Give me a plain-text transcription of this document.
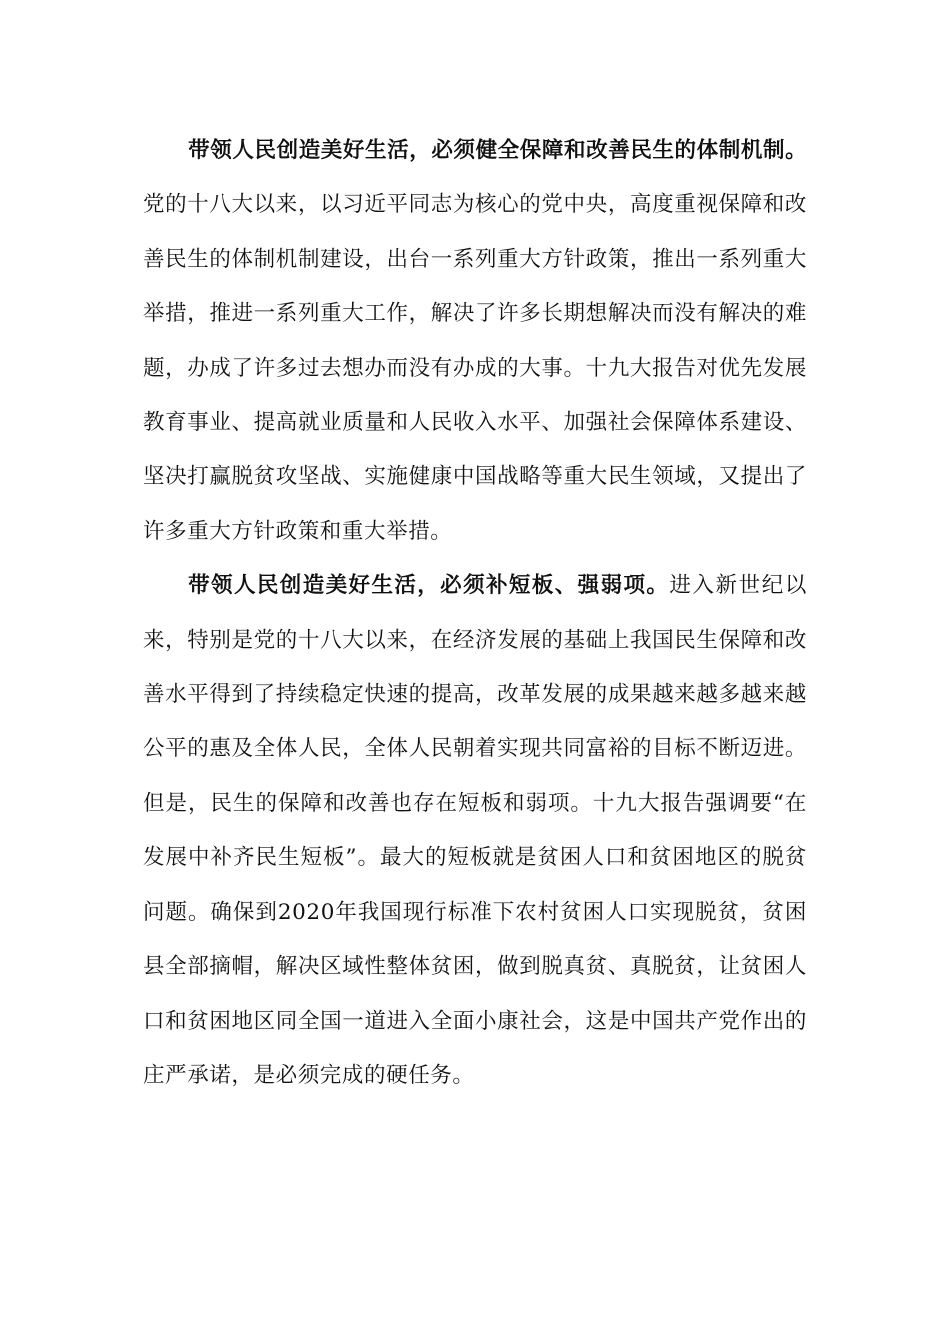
带领人民创造美好生活，必须健全保障和改善民生的体制机制。党的十八大以来，以习近平同志为核心的党中央，高度重视保障和改善民生的体制机制建设，出台一系列重大方针政策，推出一系列重大举措，推进一系列重大工作，解决了许多长期想解决而没有解决的难题，办成了许多过去想办而没有办成的大事。十九大报告对优先发展教育事业、提高就业质量和人民收入水平、加强社会保障体系建设、坚决打赢脱贫攻坚战、实施健康中国战略等重大民生领域，又提出了许多重大方针政策和重大举措。

带领人民创造美好生活，必须补短板、强弱项。进入新世纪以来，特别是党的十八大以来，在经济发展的基础上我国民生保障和改善水平得到了持续稳定快速的提高，改革发展的成果越来越多越来越公平的惠及全体人民，全体人民朝着实现共同富裕的目标不断迈进。但是，民生的保障和改善也存在短板和弱项。十九大报告强调要“在发展中补齐民生短板”。最大的短板就是贫困人口和贫困地区的脱贫问题。确保到2020年我国现行标准下农村贫困人口实现脱贫，贫困县全部摘帽，解决区域性整体贫困，做到脱真贫、真脱贫，让贫困人口和贫困地区同全国一道进入全面小康社会，这是中国共产党作出的庄严承诺，是必须完成的硬任务。
